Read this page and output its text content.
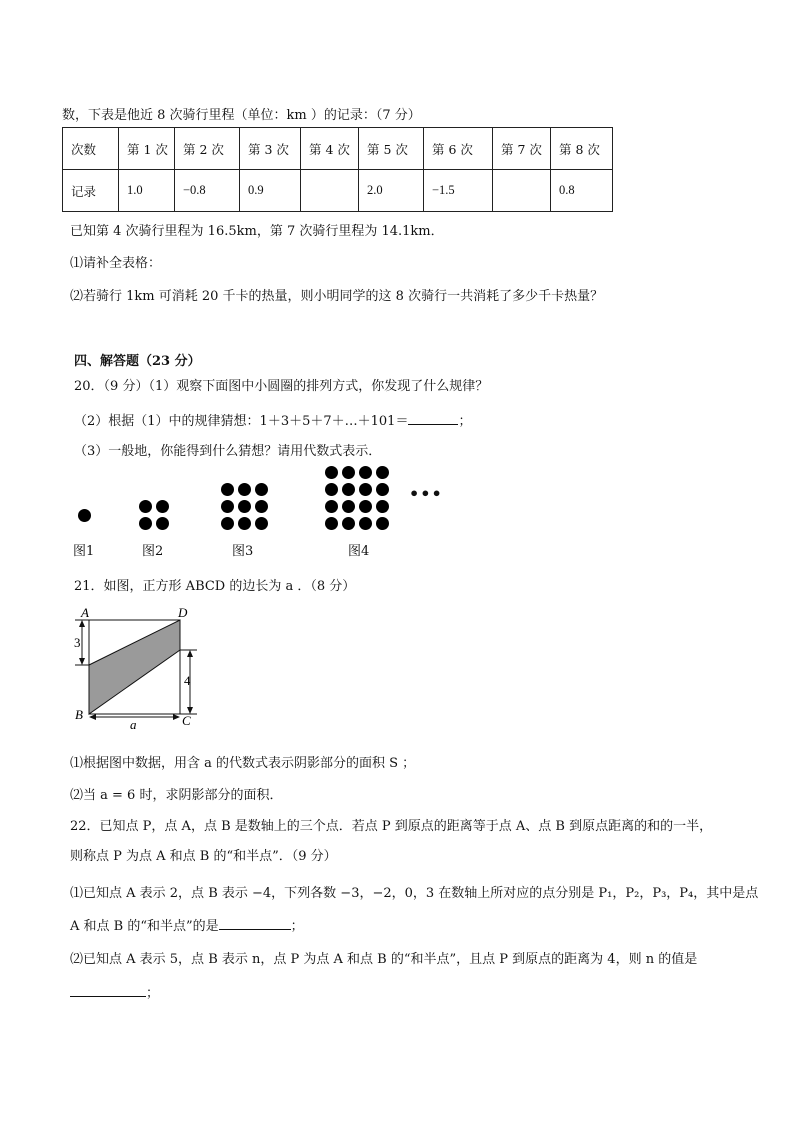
数，下表是他近 8 次骑行里程（单位：km ）的记录：（7 分）
次数	第 1 次	第 2 次	第 3 次	第 4 次	第 5 次	第 6 次	第 7 次	第 8 次
记录	1.0	−0.8	0.9		2.0	−1.5		0.8
已知第 4 次骑行里程为 16.5km，第 7 次骑行里程为 14.1km．
⑴请补全表格：
⑵若骑行 1km 可消耗 20 千卡的热量，则小明同学的这 8 次骑行一共消耗了多少千卡热量？
四、解答题（23 分）
20．（9 分）（1）观察下面图中小圆圈的排列方式，你发现了什么规律？
（2）根据（1）中的规律猜想：1＋3＋5＋7＋…＋101＝	；
（3）一般地，你能得到什么猜想？请用代数式表示．
•••
图1	图2	图3	图4
21．如图，正方形 ABCD 的边长为 a ．（8 分）
A	D
B	C
3
4
a
⑴根据图中数据，用含 a 的代数式表示阴影部分的面积 S ；
⑵当 a = 6 时，求阴影部分的面积．
22．已知点 P，点 A，点 B 是数轴上的三个点．若点 P 到原点的距离等于点 A、点 B 到原点距离的和的一半，
则称点 P 为点 A 和点 B 的“和半点”．（9 分）
⑴已知点 A 表示 2，点 B 表示 −4，下列各数 −3，−2，0，3 在数轴上所对应的点分别是 P₁，P₂，P₃，P₄，其中是点
A 和点 B 的“和半点”的是	；
⑵已知点 A 表示 5，点 B 表示 n，点 P 为点 A 和点 B 的“和半点”，且点 P 到原点的距离为 4，则 n 的值是
；
